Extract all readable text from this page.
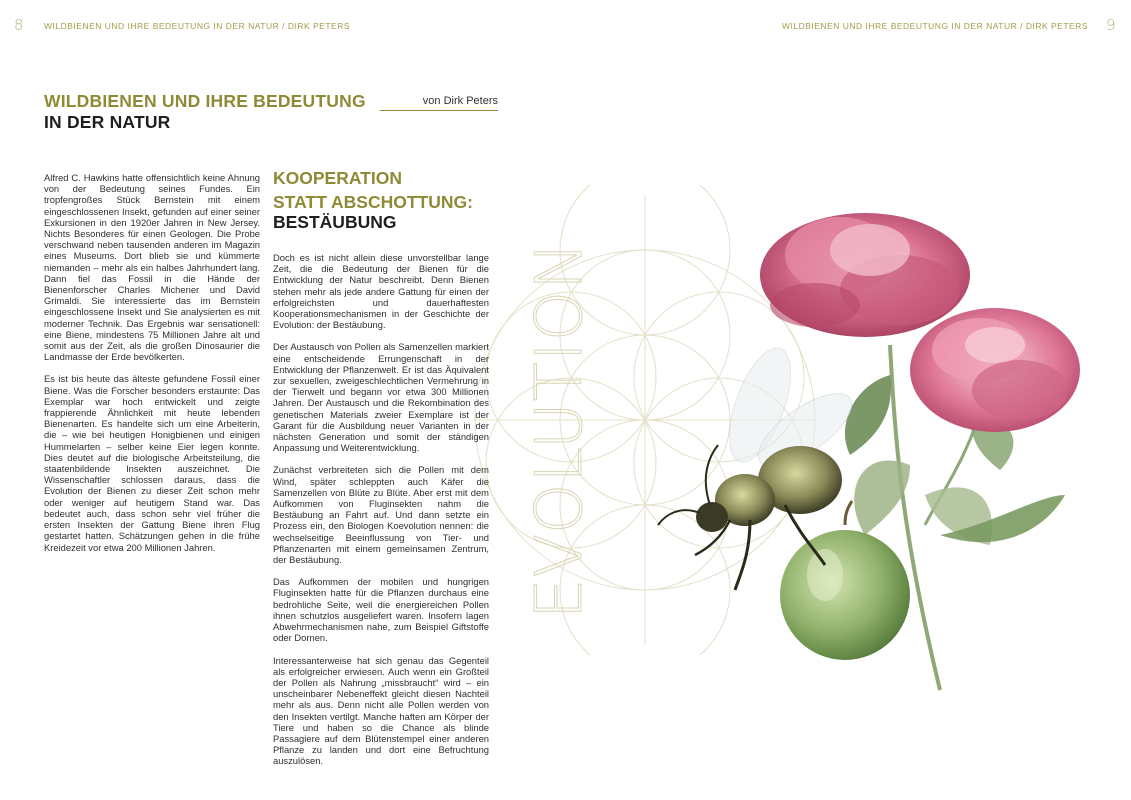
8 WILDBIENEN UND IHRE BEDEUTUNG IN DER NATUR / DIRK PETERS	WILDBIENEN UND IHRE BEDEUTUNG IN DER NATUR / DIRK PETERS 9
WILDBIENEN UND IHRE BEDEUTUNG
IN DER NATUR
von Dirk Peters
EVOLUTION

Alfred C. Hawkins hatte offensichtlich keine Ahnung von der Bedeutung seines Fundes. Ein tropfengroßes Stück Bernstein mit einem eingeschlossenen Insekt, gefunden auf einer seiner Exkursionen in den 1920er Jahren in New Jersey. Nichts Besonderes für einen Geologen. Die Probe verschwand neben tausenden anderen im Magazin eines Museums. Dort blieb sie und kümmerte niemanden – mehr als ein halbes Jahrhundert lang. Dann fiel das Fossil in die Hände der Bienenforscher Charles Michener und David Grimaldi. Sie interessierte das im Bernstein eingeschlossene Insekt und Sie analysierten es mit moderner Technik. Das Ergebnis war sensationell: eine Biene, mindestens 75 Millionen Jahre alt und somit aus der Zeit, als die großen Dinosaurier die Landmasse der Erde bevölkerten.

Es ist bis heute das älteste gefundene Fossil einer Biene. Was die Forscher besonders erstaunte: Das Exemplar war hoch entwickelt und zeigte frappierende Ähnlichkeit mit heute lebenden Bienenarten. Es handelte sich um eine Arbeiterin, die – wie bei heutigen Honigbienen und einigen Hummelarten – selber keine Eier legen konnte. Dies deutet auf die biologische Arbeitsteilung, die staatenbildende Insekten auszeichnet. Die Wissenschaftler schlossen daraus, dass die Evolution der Bienen zu dieser Zeit schon mehr oder weniger auf heutigem Stand war. Das bedeutet auch, dass schon sehr viel früher die ersten Insekten der Gattung Biene ihren Flug gestartet hatten. Schätzungen gehen in die frühe Kreidezeit vor etwa 200 Millionen Jahren.

KOOPERATION
STATT ABSCHOTTUNG:
BESTÄUBUNG

Doch es ist nicht allein diese unvorstellbar lange Zeit, die die Bedeutung der Bienen für die Entwicklung der Natur beschreibt. Denn Bienen stehen mehr als jede andere Gattung für einen der erfolgreichsten und dauerhaftesten Kooperationsmechanismen in der Geschichte der Evolution: der Bestäubung.

Der Austausch von Pollen als Samenzellen markiert eine entscheidende Errungenschaft in der Entwicklung der Pflanzenwelt. Er ist das Äquivalent zur sexuellen, zweigeschlechtlichen Vermehrung in der Tierwelt und begann vor etwa 300 Millionen Jahren. Der Austausch und die Rekombination des genetischen Materials zweier Exemplare ist der Garant für die Ausbildung neuer Varianten in der nächsten Generation und somit der ständigen Anpassung und Weiterentwicklung.

Zunächst verbreiteten sich die Pollen mit dem Wind, später schleppten auch Käfer die Samenzellen von Blüte zu Blüte. Aber erst mit dem Aufkommen von Fluginsekten nahm die Bestäubung an Fahrt auf. Und dann setzte ein Prozess ein, den Biologen Koevolution nennen: die wechselseitige Beeinflussung von Tier- und Pflanzenarten mit einem gemeinsamen Zentrum, der Bestäubung.

Das Aufkommen der mobilen und hungrigen Fluginsekten hatte für die Pflanzen durchaus eine bedrohliche Seite, weil die energiereichen Pollen ihnen schutzlos ausgeliefert waren. Insofern lagen Abwehrmechanismen nahe, zum Beispiel Giftstoffe oder Dornen.

Interessanterweise hat sich genau das Gegenteil als erfolgreicher erwiesen. Auch wenn ein Großteil der Pollen als Nahrung „missbraucht“ wird – ein unscheinbarer Nebeneffekt gleicht diesen Nachteil mehr als aus. Denn nicht alle Pollen werden von den Insekten vertilgt. Manche haften am Körper der Tiere und haben so die Chance als blinde Passagiere auf dem Blütenstempel einer anderen Pflanze zu landen und dort eine Befruchtung auszulösen.
